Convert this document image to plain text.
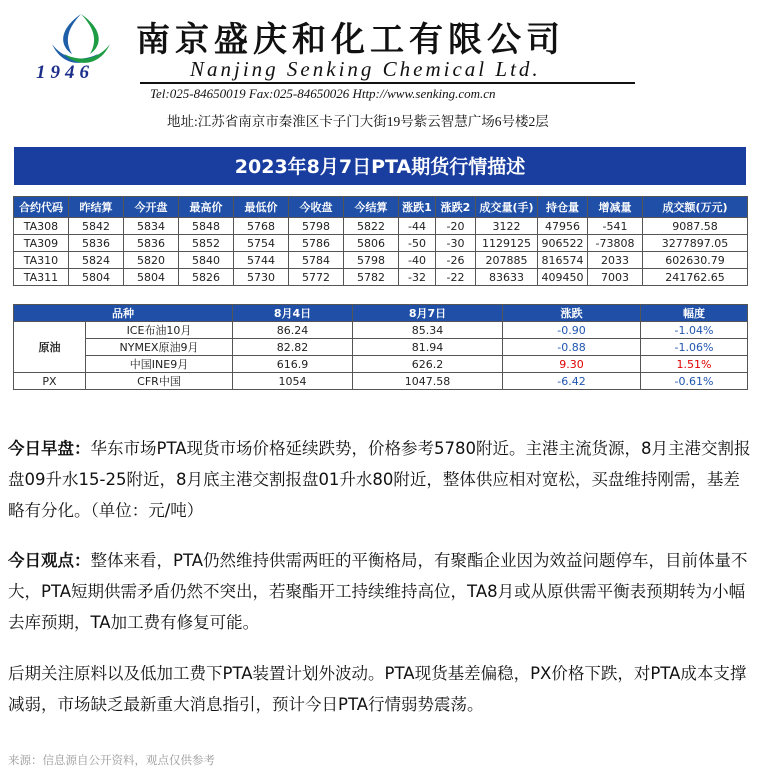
1946
南京盛庆和化工有限公司
Nanjing Senking Chemical Ltd.
Tel:025-84650019 Fax:025-84650026 Http://www.senking.com.cn
地址:江苏省南京市秦淮区卡子门大街19号紫云智慧广场6号楼2层
2023年8月7日PTA期货行情描述
合约代码	昨结算	今开盘	最高价	最低价	今收盘	今结算	涨跌1	涨跌2	成交量(手)	持仓量	增减量	成交额(万元)
TA308	5842	5834	5848	5768	5798	5822	-44	-20	3122	47956	-541	9087.58
TA309	5836	5836	5852	5754	5786	5806	-50	-30	1129125	906522	-73808	3277897.05
TA310	5824	5820	5840	5744	5784	5798	-40	-26	207885	816574	2033	602630.79
TA311	5804	5804	5826	5730	5772	5782	-32	-22	83633	409450	7003	241762.65
品种		8月4日	8月7日	涨跌	幅度	
原油	ICE布油10月	86.24	85.34	-0.90	-1.04%	
	NYMEX原油9月	82.82	81.94	-0.88	-1.06%	
	中国INE9月	616.9	626.2	9.30	1.51%	
PX	CFR中国	1054	1047.58	-6.42	-0.61%	
今日早盘：华东市场PTA现货市场价格延续跌势，价格参考5780附近。主港主流货源，8月主港交割报盘09升水15-25附近，8月底主港交割报盘01升水80附近，整体供应相对宽松，买盘维持刚需，基差略有分化。（单位：元/吨）
今日观点：整体来看，PTA仍然维持供需两旺的平衡格局，有聚酯企业因为效益问题停车，目前体量不大，PTA短期供需矛盾仍然不突出，若聚酯开工持续维持高位，TA8月或从原供需平衡表预期转为小幅去库预期，TA加工费有修复可能。
后期关注原料以及低加工费下PTA装置计划外波动。PTA现货基差偏稳，PX价格下跌，对PTA成本支撑减弱，市场缺乏最新重大消息指引，预计今日PTA行情弱势震荡。
来源：信息源自公开资料，观点仅供参考
